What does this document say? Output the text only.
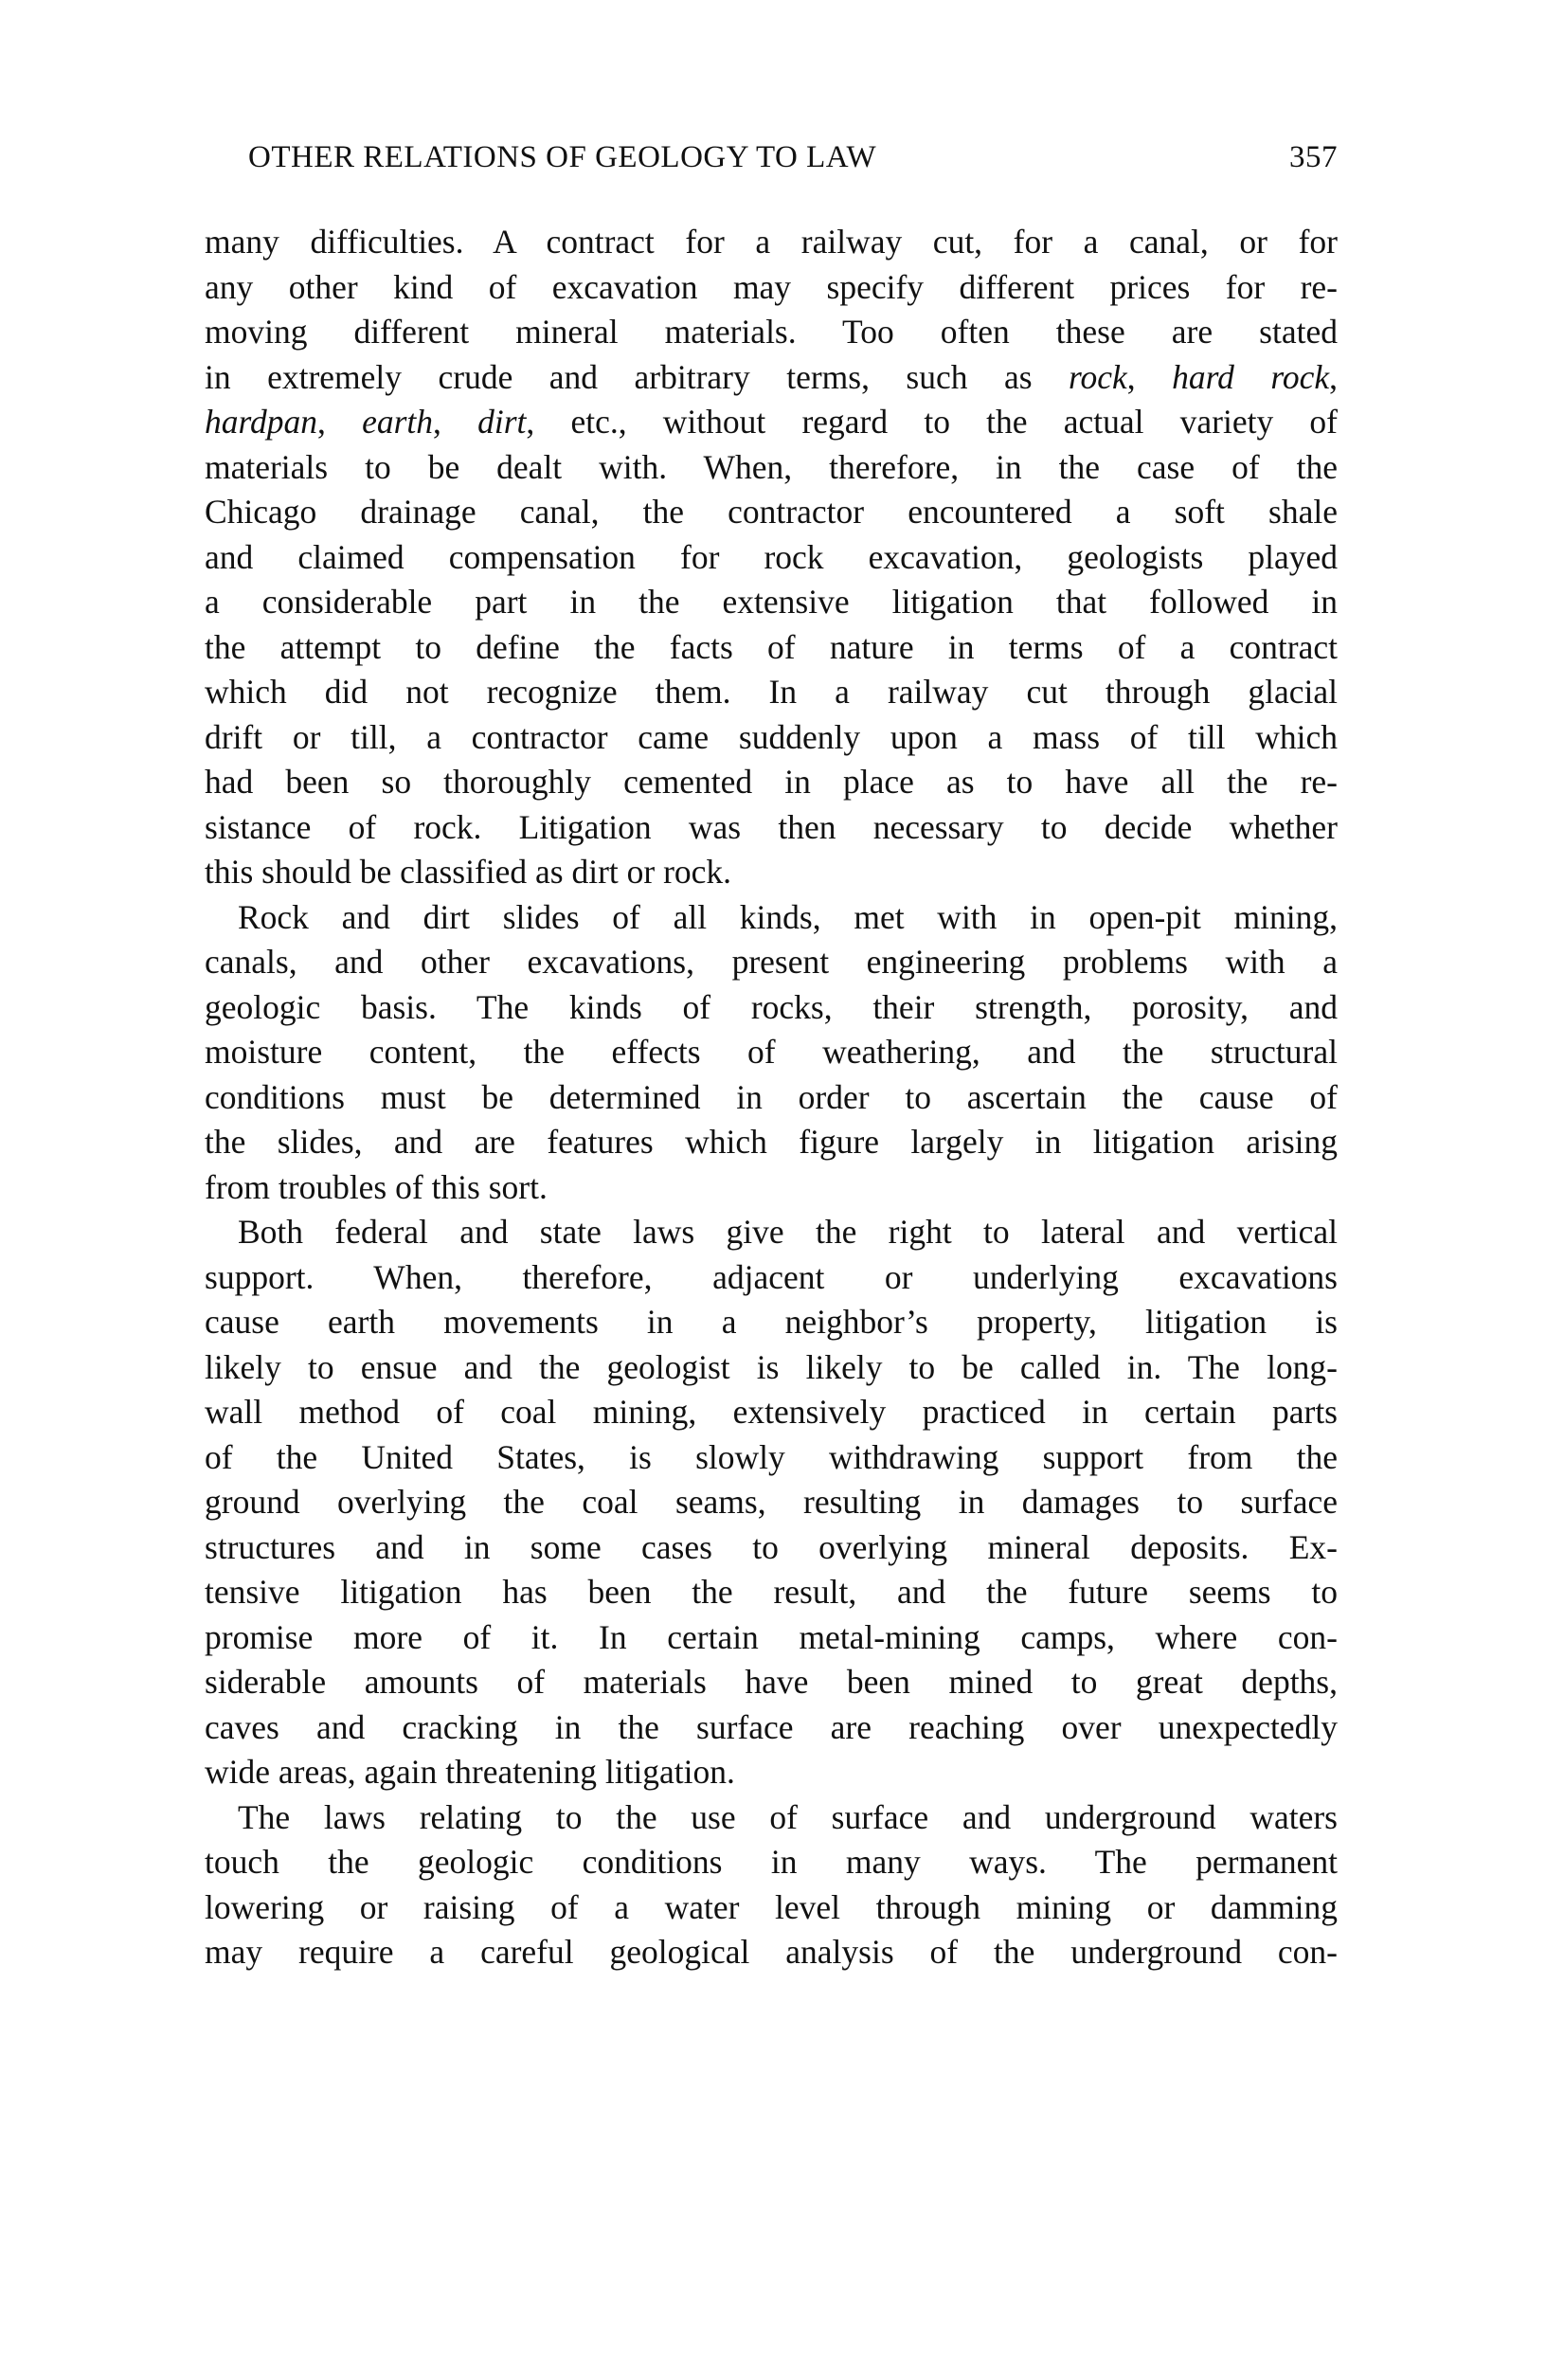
OTHER RELATIONS OF GEOLOGY TO LAW	357
many difficulties. A contract for a railway cut, for a canal, or for
any other kind of excavation may specify different prices for re-
moving different mineral materials. Too often these are stated
in extremely crude and arbitrary terms, such as rock, hard rock,
hardpan, earth, dirt, etc., without regard to the actual variety of
materials to be dealt with. When, therefore, in the case of the
Chicago drainage canal, the contractor encountered a soft shale
and claimed compensation for rock excavation, geologists played
a considerable part in the extensive litigation that followed in
the attempt to define the facts of nature in terms of a contract
which did not recognize them. In a railway cut through glacial
drift or till, a contractor came suddenly upon a mass of till which
had been so thoroughly cemented in place as to have all the re-
sistance of rock. Litigation was then necessary to decide whether
this should be classified as dirt or rock.
Rock and dirt slides of all kinds, met with in open-pit mining,
canals, and other excavations, present engineering problems with a
geologic basis. The kinds of rocks, their strength, porosity, and
moisture content, the effects of weathering, and the structural
conditions must be determined in order to ascertain the cause of
the slides, and are features which figure largely in litigation arising
from troubles of this sort.
Both federal and state laws give the right to lateral and vertical
support. When, therefore, adjacent or underlying excavations
cause earth movements in a neighbor’s property, litigation is
likely to ensue and the geologist is likely to be called in. The long-
wall method of coal mining, extensively practiced in certain parts
of the United States, is slowly withdrawing support from the
ground overlying the coal seams, resulting in damages to surface
structures and in some cases to overlying mineral deposits. Ex-
tensive litigation has been the result, and the future seems to
promise more of it. In certain metal-mining camps, where con-
siderable amounts of materials have been mined to great depths,
caves and cracking in the surface are reaching over unexpectedly
wide areas, again threatening litigation.
The laws relating to the use of surface and underground waters
touch the geologic conditions in many ways. The permanent
lowering or raising of a water level through mining or damming
may require a careful geological analysis of the underground con-
